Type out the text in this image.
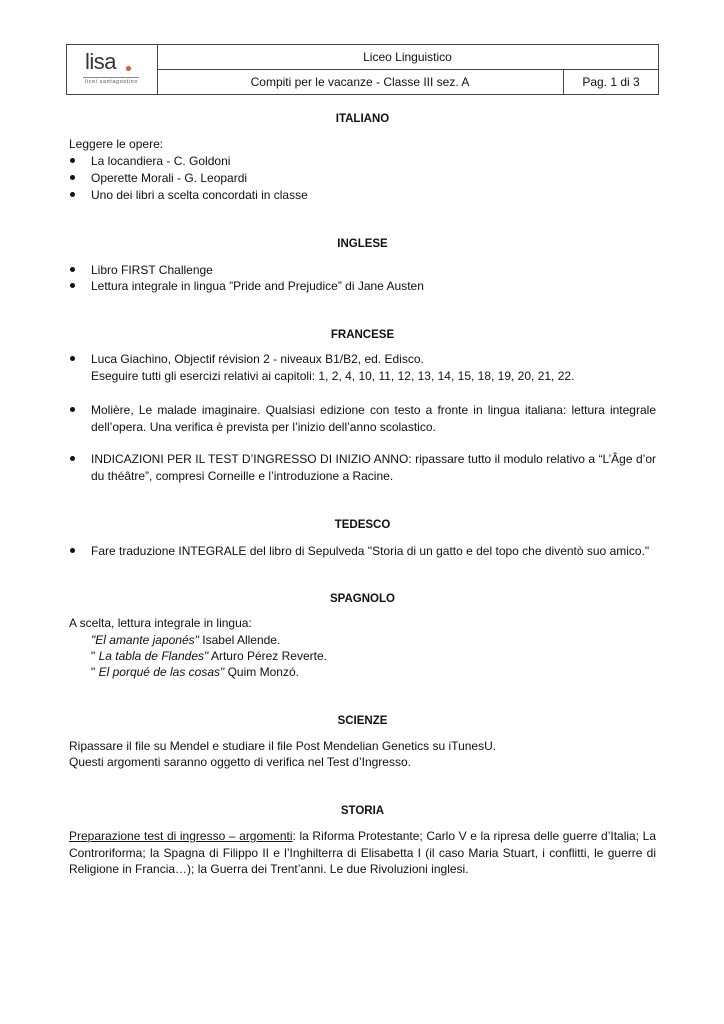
lisa
licei santagostino
Liceo Linguistico
Compiti per le vacanze - Classe III sez. A	Pag. 1 di 3
ITALIANO
Leggere le opere:
La locandiera - C. Goldoni
Operette Morali - G. Leopardi
Uno dei libri a scelta concordati in classe
INGLESE
Libro FIRST Challenge
Lettura integrale in lingua ”Pride and Prejudice” di Jane Austen
FRANCESE
Luca Giachino, Objectif révision 2 - niveaux B1/B2, ed. Edisco.
Eseguire tutti gli esercizi relativi ai capitoli: 1, 2, 4, 10, 11, 12, 13, 14, 15, 18, 19, 20, 21, 22.
Molière, Le malade imaginaire. Qualsiasi edizione con testo a fronte in lingua italiana: lettura integrale dell’opera. Una verifica è prevista per l’inizio dell’anno scolastico.
INDICAZIONI PER IL TEST D’INGRESSO DI INIZIO ANNO: ripassare tutto il modulo relativo a “L’Âge d’or du théâtre”, compresi Corneille e l’introduzione a Racine.
TEDESCO
Fare traduzione INTEGRALE del libro di Sepulveda "Storia di un gatto e del topo che diventò suo amico."
SPAGNOLO
A scelta, lettura integrale in lingua:
"El amante japonés" Isabel Allende.
" La tabla de Flandes" Arturo Pérez Reverte.
" El porqué de las cosas" Quim Monzó.
SCIENZE
Ripassare il file su Mendel e studiare il file Post Mendelian Genetics su iTunesU.
Questi argomenti saranno oggetto di verifica nel Test d’Ingresso.
STORIA
Preparazione test di ingresso – argomenti: la Riforma Protestante; Carlo V e la ripresa delle guerre d’Italia; La Controriforma; la Spagna di Filippo II e l’Inghilterra di Elisabetta I (il caso Maria Stuart, i conflitti, le guerre di Religione in Francia…); la Guerra dei Trent’anni. Le due Rivoluzioni inglesi.
